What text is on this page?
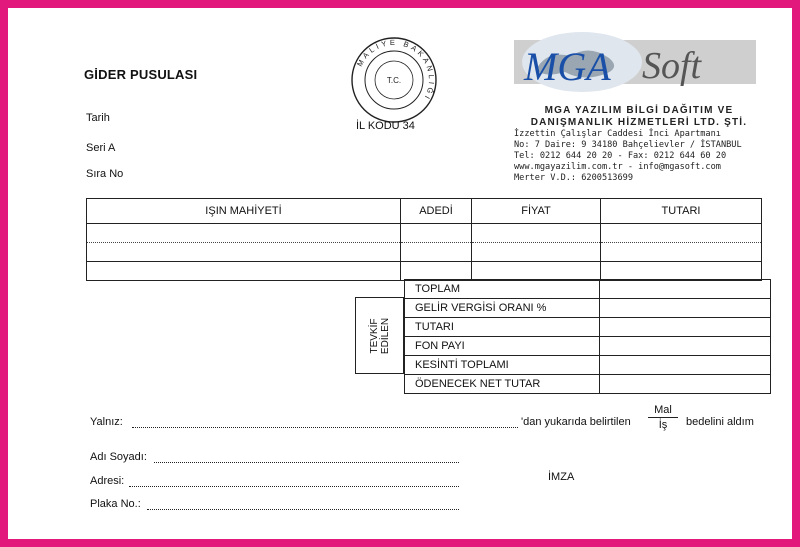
GİDER PUSULASI
Tarih
Seri A
Sıra No
MALİYE BAKANLIĞI
T.C.
İL KODU 34
MGA Soft
MGA YAZILIM BİLGİ DAĞITIM VE
DANIŞMANLIK HİZMETLERİ LTD. ŞTİ.
İzzettin Çalışlar Caddesi İnci Apartmanı
No: 7 Daire: 9 34180 Bahçelievler / İSTANBUL
Tel: 0212 644 20 20 - Fax: 0212 644 60 20
www.mgayazilim.com.tr - info@mgasoft.com
Merter V.D.: 6200513699
IŞIN MAHİYETİ	ADEDİ	FİYAT	TUTARI

TEVKİF EDİLEN
TOPLAM	
GELİR VERGİSİ ORANI %	
TUTARI	
FON PAYI	
KESİNTİ TOPLAMI	
ÖDENECEK NET TUTAR	
Yalnız:	'dan yukarıda belirtilen
Mal
İş	bedelini aldım
Adı Soyadı:
Adresi:
Plaka No.:
İMZA
